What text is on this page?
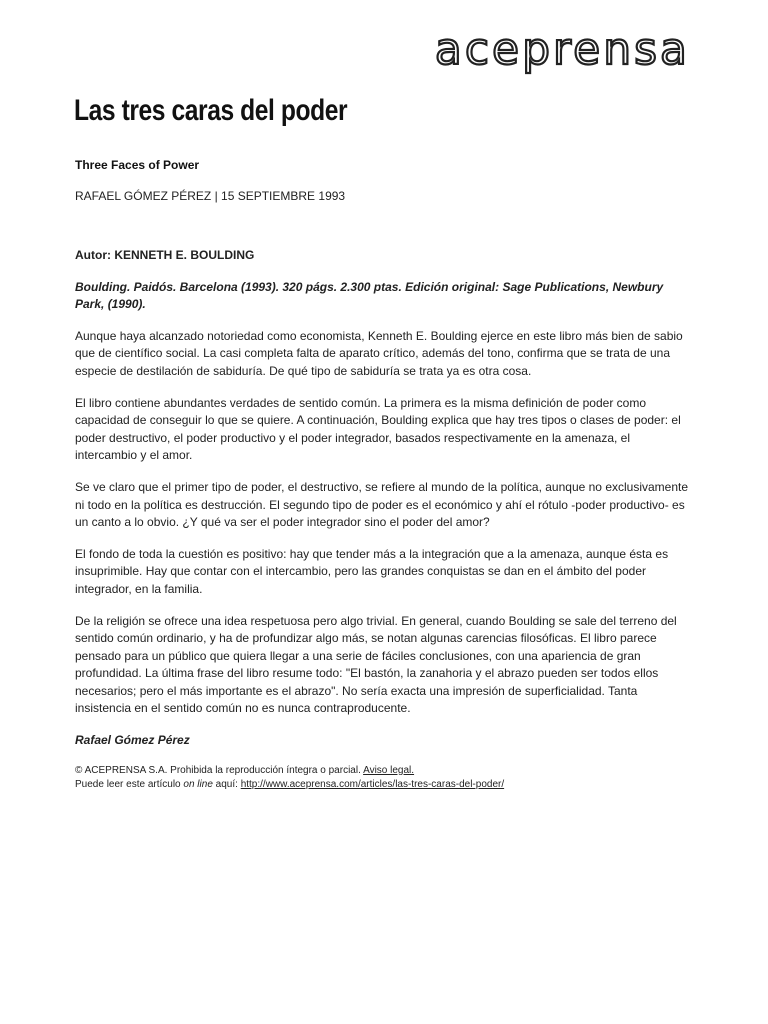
aceprensa
Las tres caras del poder
Three Faces of Power
RAFAEL GÓMEZ PÉREZ | 15 SEPTIEMBRE 1993

Autor: KENNETH E. BOULDING

Boulding. Paidós. Barcelona (1993). 320 págs. 2.300 ptas. Edición original: Sage Publications, Newbury Park, (1990).

Aunque haya alcanzado notoriedad como economista, Kenneth E. Boulding ejerce en este libro más bien de sabio que de científico social. La casi completa falta de aparato crítico, además del tono, confirma que se trata de una especie de destilación de sabiduría. De qué tipo de sabiduría se trata ya es otra cosa.

El libro contiene abundantes verdades de sentido común. La primera es la misma definición de poder como capacidad de conseguir lo que se quiere. A continuación, Boulding explica que hay tres tipos o clases de poder: el poder destructivo, el poder productivo y el poder integrador, basados respectivamente en la amenaza, el intercambio y el amor.

Se ve claro que el primer tipo de poder, el destructivo, se refiere al mundo de la política, aunque no exclusivamente ni todo en la política es destrucción. El segundo tipo de poder es el económico y ahí el rótulo -poder productivo- es un canto a lo obvio. ¿Y qué va ser el poder integrador sino el poder del amor?

El fondo de toda la cuestión es positivo: hay que tender más a la integración que a la amenaza, aunque ésta es insuprimible. Hay que contar con el intercambio, pero las grandes conquistas se dan en el ámbito del poder integrador, en la familia.

De la religión se ofrece una idea respetuosa pero algo trivial. En general, cuando Boulding se sale del terreno del sentido común ordinario, y ha de profundizar algo más, se notan algunas carencias filosóficas. El libro parece pensado para un público que quiera llegar a una serie de fáciles conclusiones, con una apariencia de gran profundidad. La última frase del libro resume todo: "El bastón, la zanahoria y el abrazo pueden ser todos ellos necesarios; pero el más importante es el abrazo". No sería exacta una impresión de superficialidad. Tanta insistencia en el sentido común no es nunca contraproducente.

Rafael Gómez Pérez

© ACEPRENSA S.A. Prohibida la reproducción íntegra o parcial. Aviso legal.
Puede leer este artículo on line aquí: http://www.aceprensa.com/articles/las-tres-caras-del-poder/
